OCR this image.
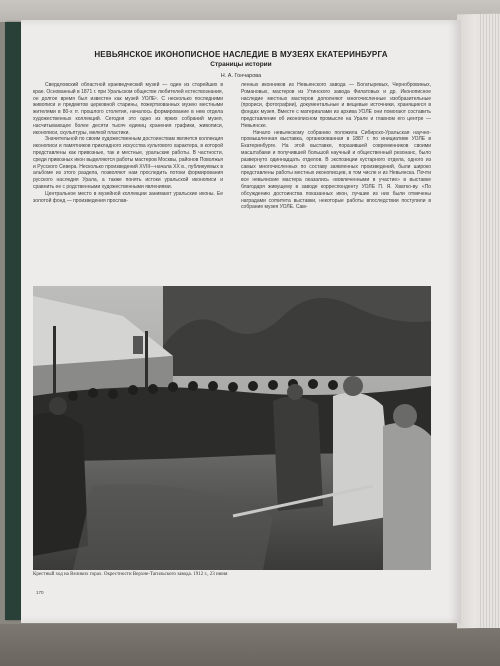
НЕВЬЯНСКОЕ ИКОНОПИСНОЕ НАСЛЕДИЕ В МУЗЕЯХ ЕКАТЕРИНБУРГА
Страницы истории
Н. А. Гончарова

Свердловский областной краеведческий музей — один из старейших в крае. Основанный в 1871 г. при Уральском обществе любителей естествознания, он долгое время был известен как музей УОЛЕ¹. С несколько последними живописи и предметов церковной старины, пожертвованных музею местными жителями в 80-х гг. прошлого столетия, началось формирование в нем отдела художественных коллекций. Сегодня это одно из ярких собраний музея, насчитывающее более десяти тысяч единиц хранения графики, живописи, иконописи, скульптуры, мелкой пластики.

Значительной по своим художественным достоинствам является коллекция иконописи и памятников прикладного искусства культового характера, в которой представлены как привозные, так и местные, уральские работы. В частности, среди привозных икон выделяются работы мастеров Москвы, районов Поволжья и Русского Севера. Несколько произведений XVIII—начала XX в., публикуемых в альбоме из этого раздела, позволяют нам проследить потоки формирования русского наследия Урала, а также понять истоки уральской иконописи и сравнить ее с родственными художественными явлениями.

Центральное место в музейной коллекции занимают уральские иконы. Ее золотой фонд — произведения прослав-

ленных иконников из Невьянского завода — Богатыревых, Чернобровиных, Романовых, мастеров из Утинского завода Филатовых и др. Иконописное наследие местных мастеров дополняют многочисленные изобразительные (прориси, фотографии), документальные и вещевые источники, хранящиеся в фондах музея. Вместе с материалами из архива УОЛЕ они помогают составить представление об иконописном промысле на Урале и главном его центре — Невьянске.

Начало невьянскому собранию положила Сибирско-Уральская научно-промышленная выставка, организованная в 1887 г. по инициативе УОЛЕ в Екатеринбурге. На этой выставке, поразившей современников своими масштабами и получившей большой научный и общественный резонанс, было развернуто одиннадцать отделов. В экспозиции кустарного отдела, одного из самых многочисленных по составу заявленных произведений, были широко представлены работы местных иконописцев, в том числе и из Невьянска. Почти все невьянские мастера оказались «вовлеченными в участие» в выставке благодаря живущему в заводе корреспонденту УОЛЕ П. Я. Хватко-ву. «По обсуждению достоинства показанных икон, лучшие из них были отмечены наградами comитета выставки, некоторые работы впоследствии поступили в собрание музея УОЛЕ. Сам-

Крестный ход на Великих горах. Окрестности Верхне-Тагильского завода. 1912 г., 23 июня
170
